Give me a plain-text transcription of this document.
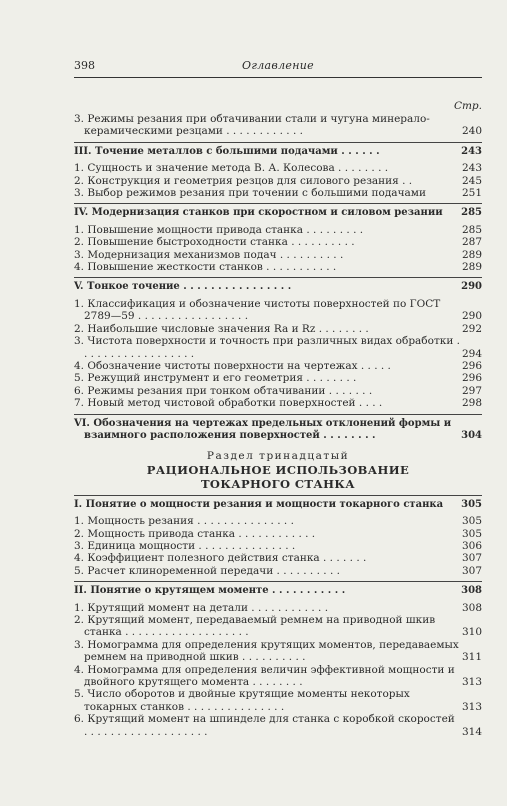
398	Оглавление
Стр.
3. Режимы резания при обтачивании стали и чугуна минерало-керамическими резцами . . . . . . . . . . . .	240
III. Точение металлов с большими подачами . . . . . .	243
1. Сущность и значение метода В. А. Колесова . . . . . . . .	243
2. Конструкция и геометрия резцов для силового резания . .	245
3. Выбор режимов резания при точении с большими подачами	251
IV. Модернизация станков при скоростном и силовом резании 285
1. Повышение мощности привода станка . . . . . . . . .	285
2. Повышение быстроходности станка . . . . . . . . . .	287
3. Модернизация механизмов подач . . . . . . . . . .	289
4. Повышение жесткости станков . . . . . . . . . . .	289
V. Тонкое точение . . . . . . . . . . . . . . . .	290
1. Классификация и обозначение чистоты поверхностей по ГОСТ 2789—59 . . . . . . . . . . . . . . . . .	290
2. Наибольшие числовые значения Ra и Rz . . . . . . . .	292
3. Чистота поверхности и точность при различных видах обработки . . . . . . . . . . . . . . . . . .	294
4. Обозначение чистоты поверхности на чертежах . . . . .	296
5. Режущий инструмент и его геометрия . . . . . . . .	296
6. Режимы резания при тонком обтачивании . . . . . . .	297
7. Новый метод чистовой обработки поверхностей . . . .	298
VI. Обозначения на чертежах предельных отклонений формы и взаимного расположения поверхностей . . . . . . . .	304
Раздел тринадцатый
РАЦИОНАЛЬНОЕ ИСПОЛЬЗОВАНИЕ
ТОКАРНОГО СТАНКА
I. Понятие о мощности резания и мощности токарного станка 305
1. Мощность резания . . . . . . . . . . . . . . .	305
2. Мощность привода станка . . . . . . . . . . . .	305
3. Единица мощности . . . . . . . . . . . . . . .	306
4. Коэффициент полезного действия станка . . . . . . .	307
5. Расчет клиноременной передачи . . . . . . . . . .	307
II. Понятие о крутящем моменте . . . . . . . . . . .	308
1. Крутящий момент на детали . . . . . . . . . . . .	308
2. Крутящий момент, передаваемый ремнем на приводной шкив станка . . . . . . . . . . . . . . . . . . .	310
3. Номограмма для определения крутящих моментов, передаваемых ремнем на приводной шкив . . . . . . . . . .	311
4. Номограмма для определения величин эффективной мощности и двойного крутящего момента . . . . . . . .	313
5. Число оборотов и двойные крутящие моменты некоторых токарных станков . . . . . . . . . . . . . . .	313
6. Крутящий момент на шпинделе для станка с коробкой скоростей . . . . . . . . . . . . . . . . . . .	314
